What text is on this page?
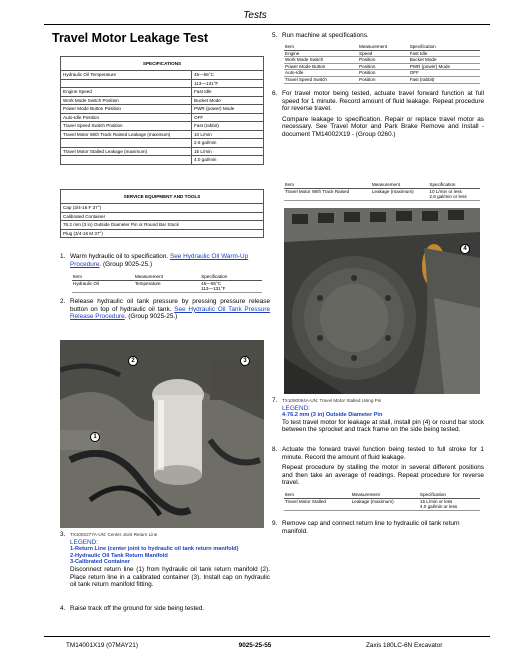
Tests
Travel Motor Leakage Test
SPECIFICATIONS	
Hydraulic Oil Temperature	45—55°C
	113—131°F
Engine Speed	Fast Idle
Work Mode Switch Position	Bucket Mode
Power Mode Button Position	PWR (power) Mode
Auto-Idle Position	OFF
Travel Speed Switch Position	Fast (rabbit)
Travel Motor With Track Raised Leakage (maximum)	10 L/min
	2.6 gal/min
Travel Motor Stalled Leakage (maximum)	15 L/min
	4.0 gal/min
SERVICE EQUIPMENT AND TOOLS
Cap (3/4-16 F 37°)
Calibrated Container
76.2 mm (3 in) Outside Diameter Pin or Round Bar Stock
Plug (3/4-16 M 37°)
1. Warm hydraulic oil to specification. See Hydraulic Oil Warm-Up Procedure. (Group 9025-25.)
Item	Measurement	Specification
Hydraulic Oil	Temperature	45—55°C
113—131°F
2. Release hydraulic oil tank pressure by pressing pressure release button on top of hydraulic oil tank. See Hydraulic Oil Tank Pressure Release Procedure. (Group 9025-25.)
2	3
1
3. TX1092277A-UN: Center Joint Return Line
LEGEND:
1-Return Line (center joint to hydraulic oil tank return manifold)
2-Hydraulic Oil Tank Return Manifold
3-Calibrated Container
Disconnect return line (1) from hydraulic oil tank return manifold (2). Place return line in a calibrated container (3). Install cap on hydraulic oil tank return manifold fitting.
4. Raise track off the ground for side being tested.
5. Run machine at specifications.
Item	Measurement	Specification
Engine	Speed	Fast Idle
Work Mode Switch	Position	Bucket Mode
Power Mode Button	Position	PWR (power) Mode
Auto-Idle	Position	OFF
Travel Speed Switch	Position	Fast (rabbit)
6. For travel motor being tested, actuate travel forward function at full speed for 1 minute. Record amount of fluid leakage. Repeat procedure for reverse travel.
Compare leakage to specification. Repair or replace travel motor as necessary. See Travel Motor and Park Brake Remove and Install - document TM14002X19 - (Group 0260.)
Item	Measurement	Specification
Travel Motor With Track Raised	Leakage (maximum)	10 L/min or less
2.6 gal/min or less
4
7. TX1090084A-UN: Travel Motor Stalled Using Pin
LEGEND:
4-76.2 mm (3 in) Outside Diameter Pin
To test travel motor for leakage at stall, install pin (4) or round bar stock between the sprocket and track frame on the side being tested.
8. Actuate the forward travel function being tested to full stroke for 1 minute. Record the amount of fluid leakage.
Repeat procedure by stalling the motor in several different positions and then take an average of readings. Repeat procedure for reverse travel.
Item	Measurement	Specification
Travel Motor Stalled	Leakage (maximum)	15 L/min or less
4.0 gal/min or less
9. Remove cap and connect return line to hydraulic oil tank return manifold.
TM14001X19 (07MAY21)	9025-25-55	Zaxis 180LC-6N Excavator
